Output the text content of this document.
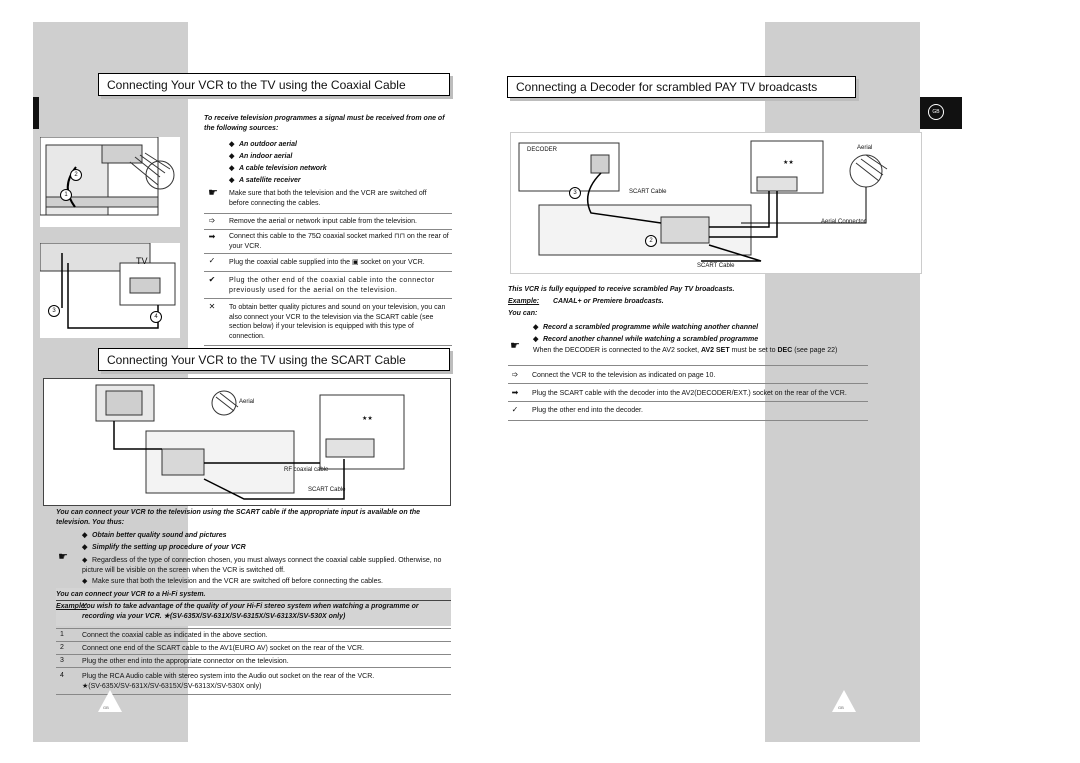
Connecting Your VCR to the TV using the Coaxial Cable
To receive television programmes a signal must be received from one of the following sources:
◆ An outdoor aerial
◆ An indoor aerial
◆ A cable television network
◆ A satellite receiver
☛ Make sure that both the television and the VCR are switched off before connecting the cables.
➩	Remove the aerial or network input cable from the television.
➡	Connect this cable to the 75Ω coaxial socket marked ⊓⊓ on the rear of your VCR.
✓	Plug the coaxial cable supplied into the ▣ socket on your VCR.
✔	Plug the other end of the coaxial cable into the connector previously used for the aerial on the television.
✕	To obtain better quality pictures and sound on your television, you can also connect your VCR to the television via the SCART cable (see section below) if your television is equipped with this type of connection.
2
1
TV
3
4
Connecting Your VCR to the TV using the SCART Cable
Aerial
★★
RF coaxial cable
SCART Cable
You can connect your VCR to the television using the SCART cable if the appropriate input is available on the television. You thus:
◆ Obtain better quality sound and pictures
◆ Simplify the setting up procedure of your VCR
☛ ◆ Regardless of the type of connection chosen, you must always connect the coaxial cable supplied. Otherwise, no picture will be visible on the screen when the VCR is switched off.
◆ Make sure that both the television and the VCR are switched off before connecting the cables.
You can connect your VCR to a Hi-Fi system.
Example:
You wish to take advantage of the quality of your Hi-Fi stereo system when watching a programme or recording via your VCR. ★(SV-635X/SV-631X/SV-6315X/SV-6313X/SV-530X only)
1	Connect the coaxial cable as indicated in the above section.
2	Connect one end of the SCART cable to the AV1(EURO AV) socket on the rear of the VCR.
3	Plug the other end into the appropriate connector on the television.
4	Plug the RCA Audio cable with stereo system into the Audio out socket on the rear of the VCR.
★(SV-635X/SV-631X/SV-6315X/SV-6313X/SV-530X only)
GB
Connecting a Decoder for scrambled PAY TV broadcasts
GB
DECODER	Aerial
★★
SCART Cable
Aerial Connector
SCART Cable
3
2
This VCR is fully equipped to receive scrambled Pay TV broadcasts.
Example: CANAL+ or Premiere broadcasts.
You can:
◆ Record a scrambled programme while watching another channel
◆ Record another channel while watching a scrambled programme
☛ When the DECODER is connected to the AV2 socket, AV2 SET must be set to DEC (see page 22)
➩	Connect the VCR to the television as indicated on page 10.
➡	Plug the SCART cable with the decoder into the AV2(DECODER/EXT.) socket on the rear of the VCR.
✓	Plug the other end into the decoder.
GB
